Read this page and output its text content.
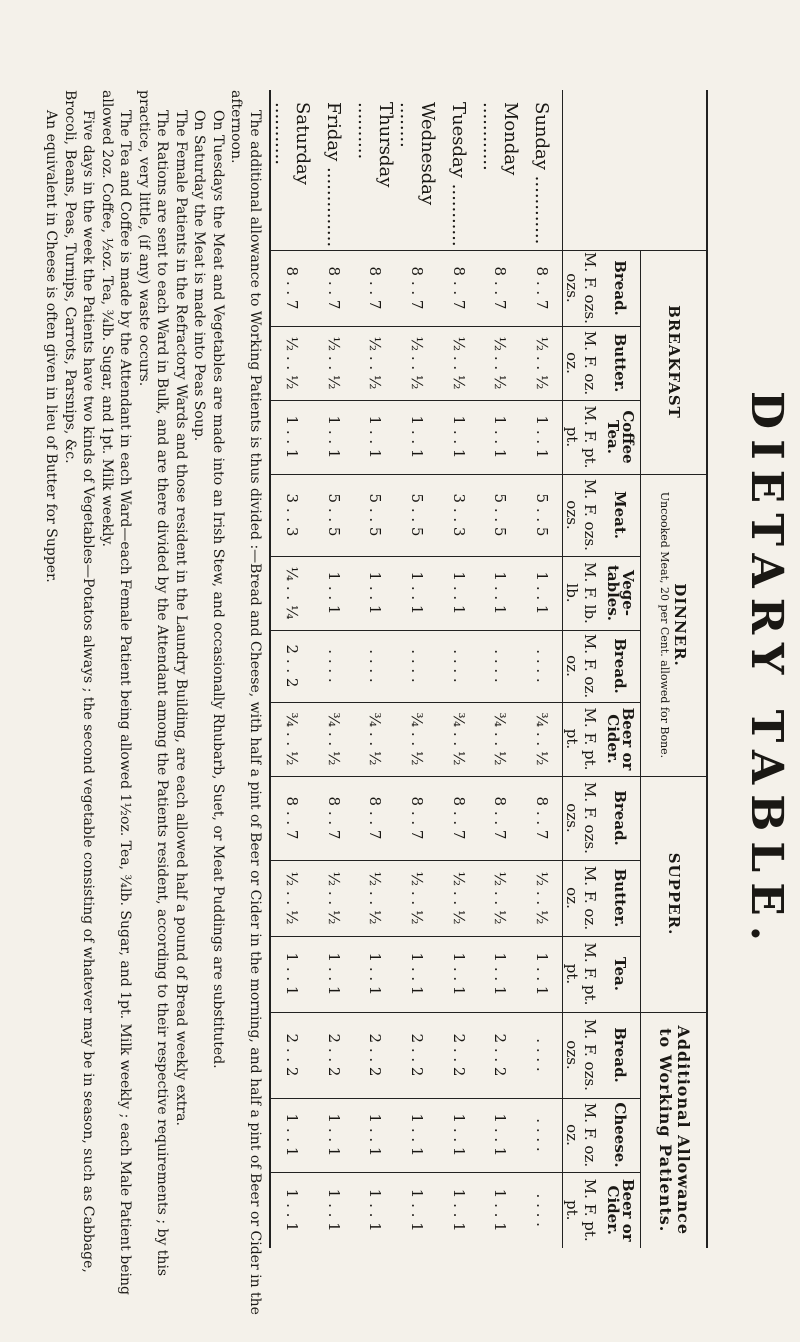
DIETARY TABLE.
	BREAKFAST			DINNER.
Uncooked Meat, 20 per Cent. allowed for Bone.				SUPPER.			Additional Allowance to Working Patients.		
	Bread.	Butter.	Coffee Tea.	Meat.	Vege-tables.	Bread.	Beer or Cider.	Bread.	Butter.	Tea.	Bread.	Cheese.	Beer or Cider.
	M. F. ozs. ozs.	M. F. oz. oz.	M. F. pt. pt.	M. F. ozs. ozs.	M. F. lb. lb.	M. F. oz. oz.	M. F. pt. pt.	M. F. ozs. ozs.	M. F. oz. oz.	M. F. pt. pt.	M. F. ozs. ozs.	M. F. oz. oz.	M. F. pt. pt.
Sunday ............	8 . . 7	½ . . ½	1 . . 1	5 . . 5	1 . . 1	. . . .	¾ . . ½	8 . . 7	½ . . ½	1 . . 1	. . . .	. . . .	. . . .
Monday ............	8 . . 7	½ . . ½	1 . . 1	5 . . 5	1 . . 1	. . . .	¾ . . ½	8 . . 7	½ . . ½	1 . . 1	2 . . 2	1 . . 1	1 . . 1
Tuesday ...........	8 . . 7	½ . . ½	1 . . 1	3 . . 3	1 . . 1	. . . .	¾ . . ½	8 . . 7	½ . . ½	1 . . 1	2 . . 2	1 . . 1	1 . . 1
Wednesday ........	8 . . 7	½ . . ½	1 . . 1	5 . . 5	1 . . 1	. . . .	¾ . . ½	8 . . 7	½ . . ½	1 . . 1	2 . . 2	1 . . 1	1 . . 1
Thursday ..........	8 . . 7	½ . . ½	1 . . 1	5 . . 5	1 . . 1	. . . .	¾ . . ½	8 . . 7	½ . . ½	1 . . 1	2 . . 2	1 . . 1	1 . . 1
Friday ..............	8 . . 7	½ . . ½	1 . . 1	5 . . 5	1 . . 1	. . . .	¾ . . ½	8 . . 7	½ . . ½	1 . . 1	2 . . 2	1 . . 1	1 . . 1
Saturday ...........	8 . . 7	½ . . ½	1 . . 1	3 . . 3	¼ . . ¼	2 . . 2	¾ . . ½	8 . . 7	½ . . ½	1 . . 1	2 . . 2	1 . . 1	1 . . 1

The additional allowance to Working Patients is thus divided :—Bread and Cheese, with half a pint of Beer or Cider in the morning, and half a pint of Beer or Cider in the afternoon.

On Tuesdays the Meat and Vegetables are made into an Irish Stew, and occasionally Rhubarb, Suet, or Meat Puddings are substituted.

On Saturday the Meat is made into Peas Soup.

The Female Patients in the Refractory Wards and those resident in the Laundry Building, are each allowed half a pound of Bread weekly extra.

The Rations are sent to each Ward in Bulk, and are there divided by the Attendant among the Patients resident, according to their respective requirements ; by this practice, very little, (if any) waste occurs.

The Tea and Coffee is made by the Attendant in each Ward—each Female Patient being allowed 1½oz. Tea, ¾lb. Sugar, and 1pt. Milk weekly ; each Male Patient being allowed 2oz. Coffee, ½oz. Tea, ¾lb. Sugar, and 1pt. Milk weekly.

Five days in the week the Patients have two kinds of Vegetables—Potatos always ; the second vegetable consisting of whatever may be in season, such as Cabbage, Brocoli, Beans, Peas, Turnips, Carrots, Parsnips, &c.

An equivalent in Cheese is often given in lieu of Butter for Supper.
